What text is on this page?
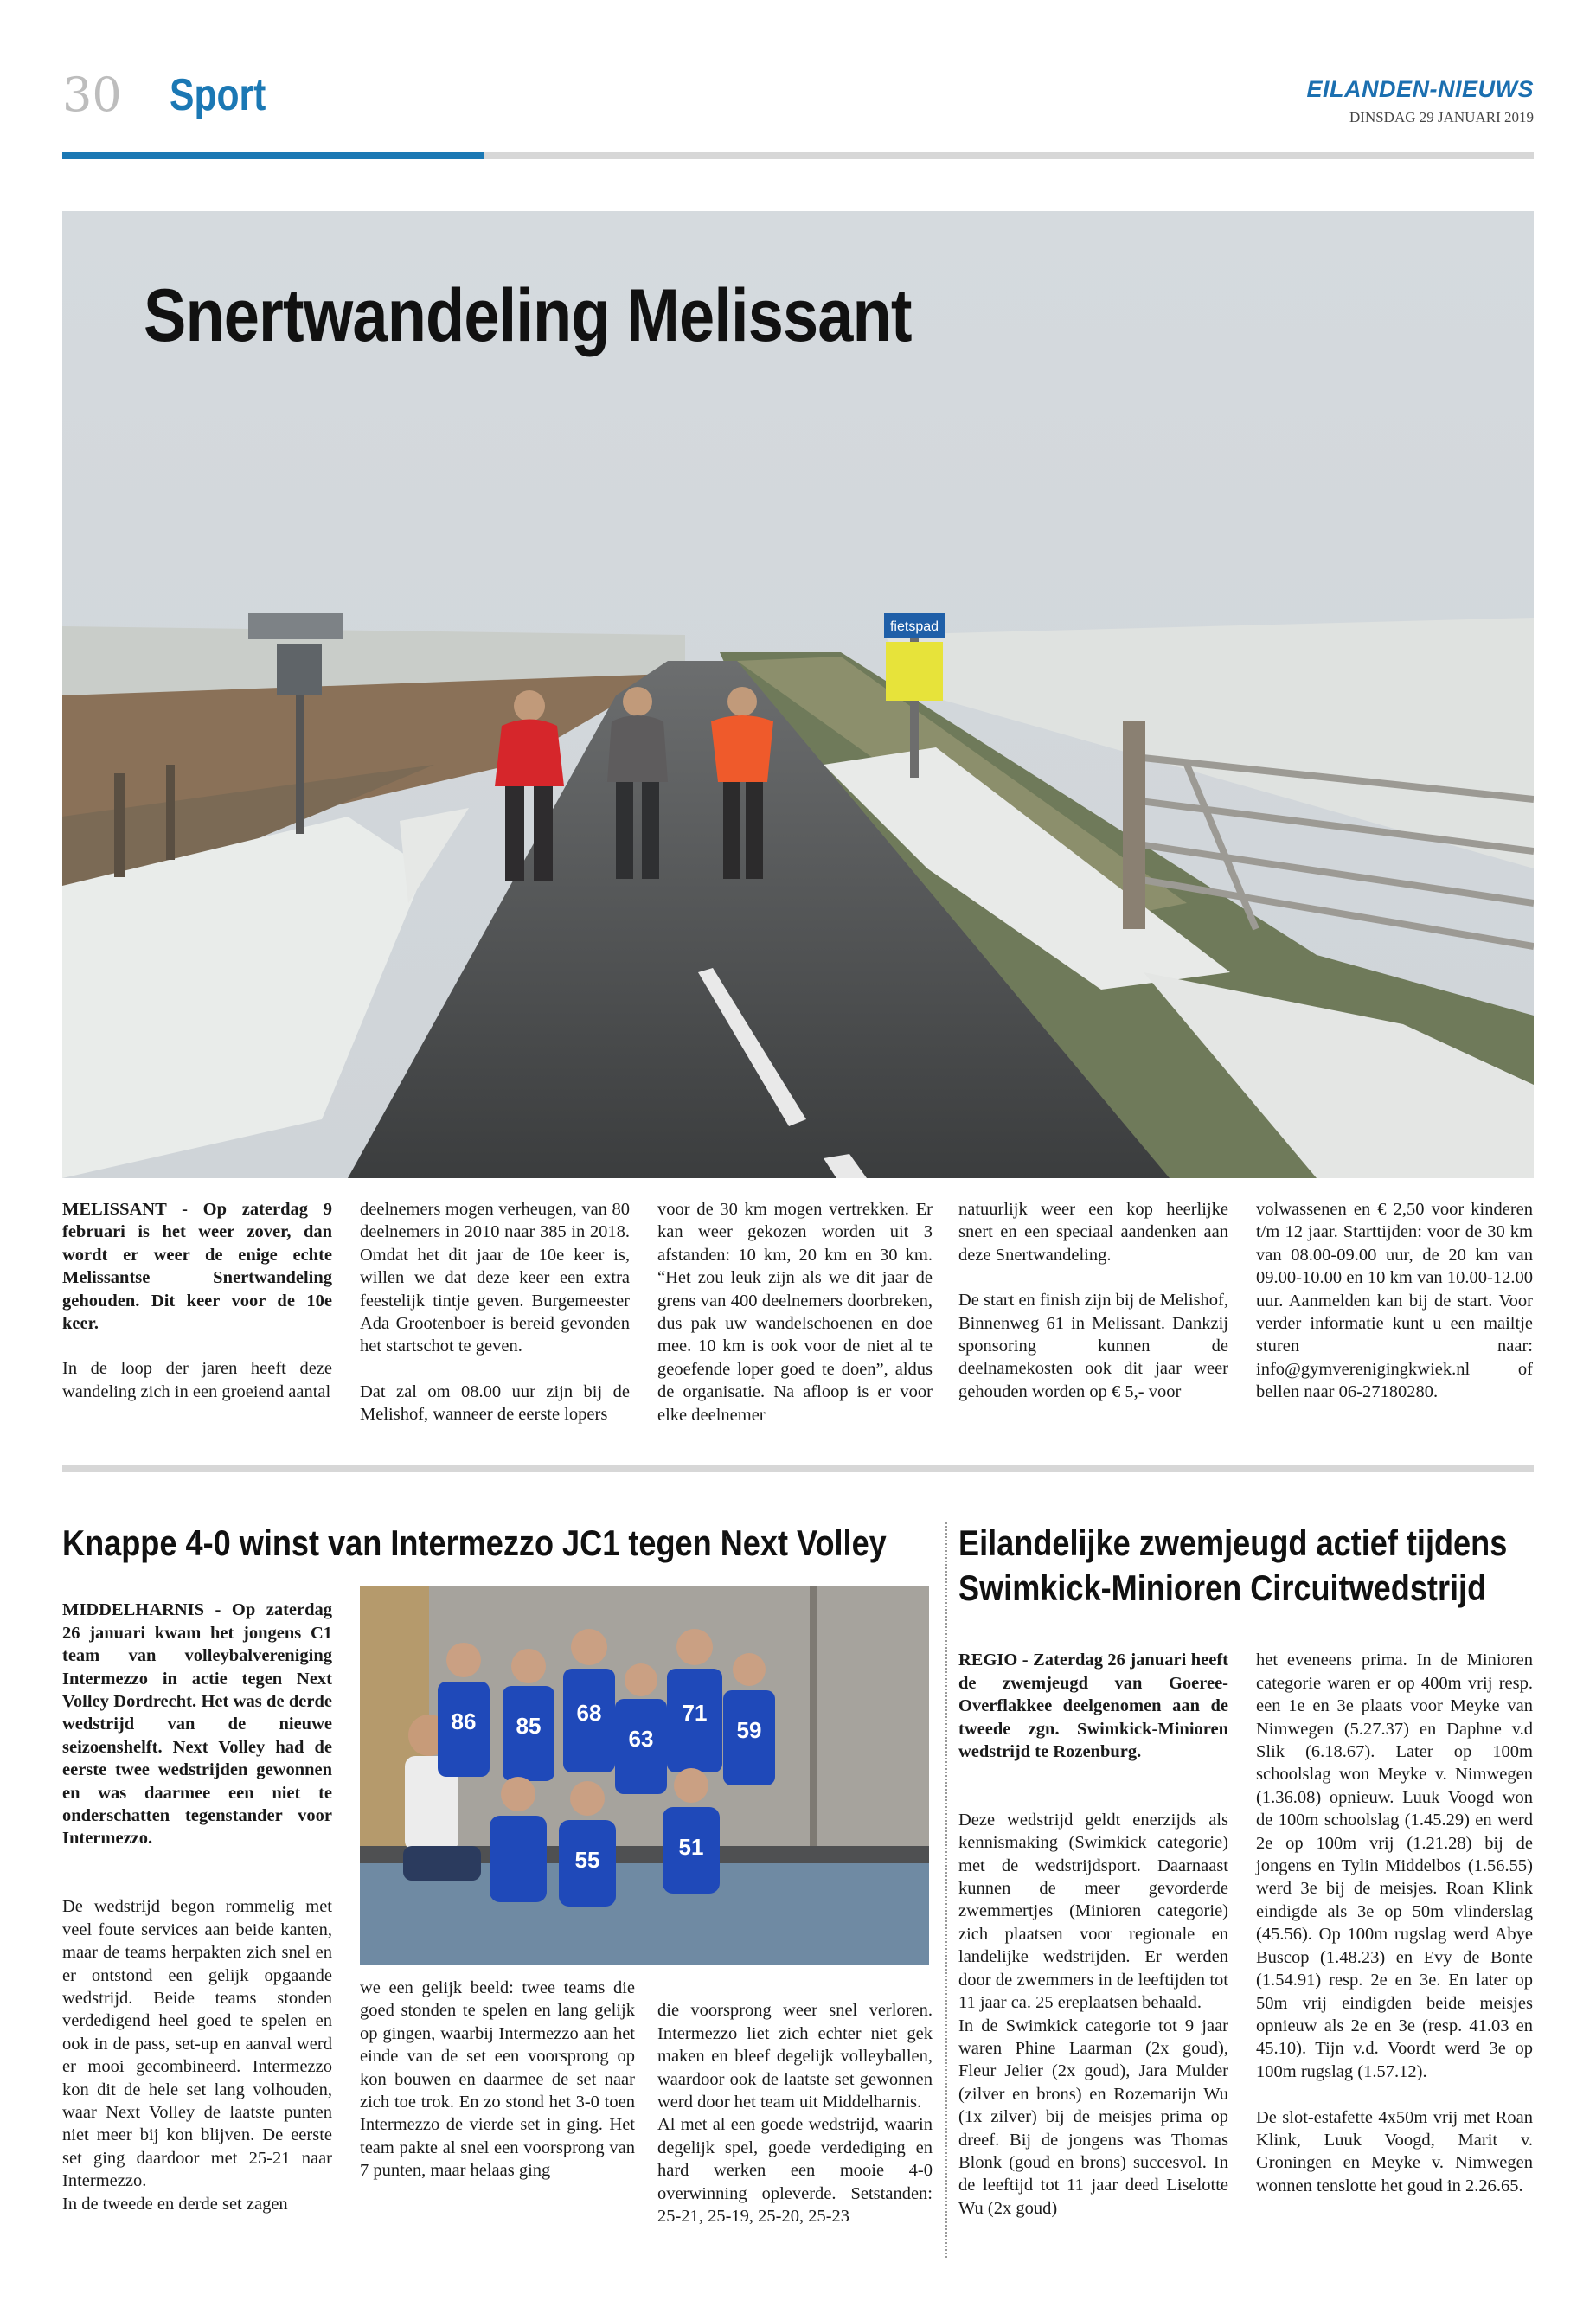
30 Sport	EILANDEN-NIEUWS
DINSDAG 29 JANUARI 2019
fietspad
Snertwandeling Melissant

MELISSANT - Op zaterdag 9 februari is het weer zover, dan wordt er weer de enige echte Melissantse Snertwandeling gehouden. Dit keer voor de 10e keer.

In de loop der jaren heeft deze wandeling zich in een groeiend aantal

deelnemers mogen verheugen, van 80 deelnemers in 2010 naar 385 in 2018. Omdat het dit jaar de 10e keer is, willen we dat deze keer een extra feestelijk tintje geven. Burgemeester Ada Grootenboer is bereid gevonden het startschot te geven.

Dat zal om 08.00 uur zijn bij de Melishof, wanneer de eerste lopers

voor de 30 km mogen vertrekken. Er kan weer gekozen worden uit 3 afstanden: 10 km, 20 km en 30 km. “Het zou leuk zijn als we dit jaar de grens van 400 deelnemers doorbreken, dus pak uw wandelschoenen en doe mee. 10 km is ook voor de niet al te geoefende loper goed te doen”, aldus de organisatie. Na afloop is er voor elke deelnemer

natuurlijk weer een kop heerlijke snert en een speciaal aandenken aan deze Snertwandeling.

De start en finish zijn bij de Melishof, Binnenweg 61 in Melissant. Dankzij sponsoring kunnen de deelnamekosten ook dit jaar weer gehouden worden op € 5,- voor

volwassenen en € 2,50 voor kinderen t/m 12 jaar. Starttijden: voor de 30 km van 08.00-09.00 uur, de 20 km van 09.00-10.00 en 10 km van 10.00-12.00 uur. Aanmelden kan bij de start. Voor verder informatie kunt u een mailtje sturen naar: info@gymverenigingkwiek.nl of bellen naar 06-27180280.

Knappe 4-0 winst van Intermezzo JC1 tegen Next Volley

MIDDELHARNIS - Op zaterdag 26 januari kwam het jongens C1 team van volleybalvereniging Intermezzo in actie tegen Next Volley Dordrecht. Het was de derde wedstrijd van de nieuwe seizoenshelft. Next Volley had de eerste twee wedstrijden gewonnen en was daarmee een niet te onderschatten tegenstander voor Intermezzo.

De wedstrijd begon rommelig met veel foute services aan beide kanten, maar de teams herpakten zich snel en er ontstond een gelijk opgaande wedstrijd. Beide teams stonden verdedigend heel goed te spelen en ook in de pass, set-up en aanval werd er mooi gecombineerd. Intermezzo kon dit de hele set lang volhouden, waar Next Volley de laatste punten niet meer bij kon blijven. De eerste set ging daardoor met 25-21 naar Intermezzo.
In de tweede en derde set zagen

86 85 68
63
71
59
55	51

we een gelijk beeld: twee teams die goed stonden te spelen en lang gelijk op gingen, waarbij Intermezzo aan het einde van de set een voorsprong op kon bouwen en daarmee de set naar zich toe trok. En zo stond het 3-0 toen Intermezzo de vierde set in ging. Het team pakte al snel een voorsprong van 7 punten, maar helaas ging

die voorsprong weer snel verloren. Intermezzo liet zich echter niet gek maken en bleef degelijk volleyballen, waardoor ook de laatste set gewonnen werd door het team uit Middelharnis.
Al met al een goede wedstrijd, waarin degelijk spel, goede verdediging en hard werken een mooie 4-0 overwinning opleverde. Setstanden: 25-21, 25-19, 25-20, 25-23

Eilandelijke zwemjeugd actief tijdens
Swimkick-Minioren Circuitwedstrijd

REGIO - Zaterdag 26 januari heeft de zwemjeugd van Goeree-Overflakkee deelgenomen aan de tweede zgn. Swimkick-Minioren wedstrijd te Rozenburg.

Deze wedstrijd geldt enerzijds als kennismaking (Swimkick categorie) met de wedstrijdsport. Daarnaast kunnen de meer gevorderde zwemmertjes (Minioren categorie) zich plaatsen voor regionale en landelijke wedstrijden. Er werden door de zwemmers in de leeftijden tot 11 jaar ca. 25 ereplaatsen behaald.
In de Swimkick categorie tot 9 jaar waren Phine Laarman (2x goud), Fleur Jelier (2x goud), Jara Mulder (zilver en brons) en Rozemarijn Wu (1x zilver) bij de meisjes prima op dreef. Bij de jongens was Thomas Blonk (goud en brons) succesvol. In de leeftijd tot 11 jaar deed Liselotte Wu (2x goud)

het eveneens prima. In de Minioren categorie waren er op 400m vrij resp. een 1e en 3e plaats voor Meyke van Nimwegen (5.27.37) en Daphne v.d Slik (6.18.67). Later op 100m schoolslag won Meyke v. Nimwegen (1.36.08) opnieuw. Luuk Voogd won de 100m schoolslag (1.45.29) en werd 2e op 100m vrij (1.21.28) bij de jongens en Tylin Middelbos (1.56.55) werd 3e bij de meisjes. Roan Klink eindigde als 3e op 50m vlinderslag (45.56). Op 100m rugslag werd Abye Buscop (1.48.23) en Evy de Bonte (1.54.91) resp. 2e en 3e. En later op 50m vrij eindigden beide meisjes opnieuw als 2e en 3e (resp. 41.03 en 45.10). Tijn v.d. Voordt werd 3e op 100m rugslag (1.57.12).

De slot-estafette 4x50m vrij met Roan Klink, Luuk Voogd, Marit v. Groningen en Meyke v. Nimwegen wonnen tenslotte het goud in 2.26.65.
